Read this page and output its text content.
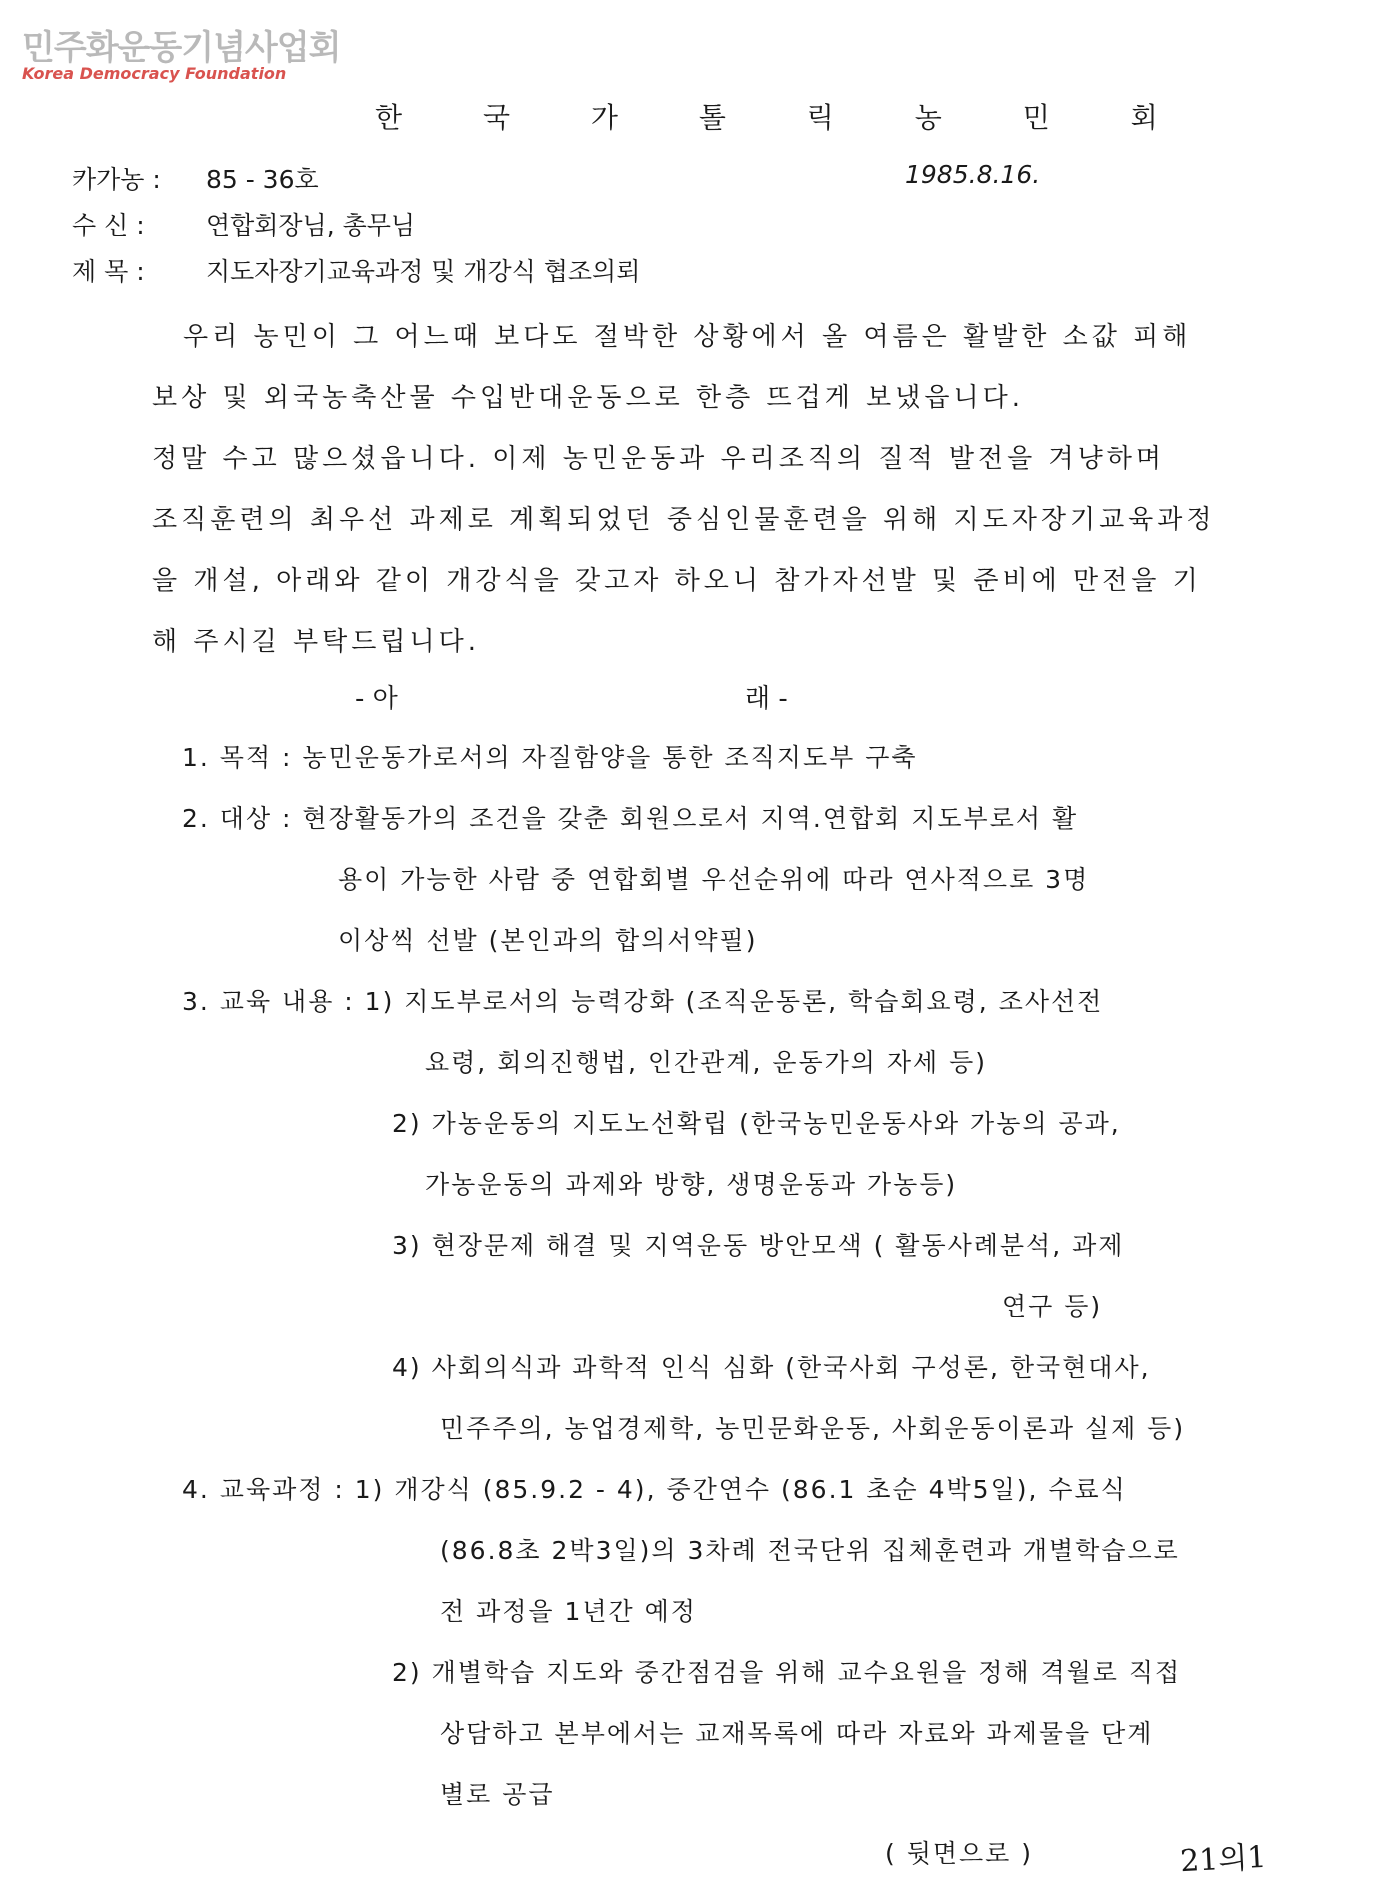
민주화운동기념사업회
Korea Democracy Foundation
한 국 가 톨 릭 농 민 회
카가농 : 85 - 36호	1985.8.16.
수 신 : 연합회장님, 총무님
제 목 : 지도자장기교육과정 및 개강식 협조의뢰
우리 농민이 그 어느때 보다도 절박한 상황에서 올 여름은 활발한 소값 피해
보상 및 외국농축산물 수입반대운동으로 한층 뜨겁게 보냈읍니다.
정말 수고 많으셨읍니다. 이제 농민운동과 우리조직의 질적 발전을 겨냥하며
조직훈련의 최우선 과제로 계획되었던 중심인물훈련을 위해 지도자장기교육과정
을 개설, 아래와 같이 개강식을 갖고자 하오니 참가자선발 및 준비에 만전을 기
해 주시길 부탁드립니다.
- 아	래 -
1. 목적 : 농민운동가로서의 자질함양을 통한 조직지도부 구축
2. 대상 : 현장활동가의 조건을 갖춘 회원으로서 지역.연합회 지도부로서 활
용이 가능한 사람 중 연합회별 우선순위에 따라 연사적으로 3명
이상씩 선발 (본인과의 합의서약필)
3. 교육 내용 : 1) 지도부로서의 능력강화 (조직운동론, 학습회요령, 조사선전
요령, 회의진행법, 인간관계, 운동가의 자세 등)
2) 가농운동의 지도노선확립 (한국농민운동사와 가농의 공과,
가농운동의 과제와 방향, 생명운동과 가농등)
3) 현장문제 해결 및 지역운동 방안모색 ( 활동사례분석, 과제
연구 등)
4) 사회의식과 과학적 인식 심화 (한국사회 구성론, 한국현대사,
민주주의, 농업경제학, 농민문화운동, 사회운동이론과 실제 등)
4. 교육과정 : 1) 개강식 (85.9.2 - 4), 중간연수 (86.1 초순 4박5일), 수료식
(86.8초 2박3일)의 3차례 전국단위 집체훈련과 개별학습으로
전 과정을 1년간 예정
2) 개별학습 지도와 중간점검을 위해 교수요원을 정해 격월로 직접
상담하고 본부에서는 교재목록에 따라 자료와 과제물을 단계
별로 공급
( 뒷면으로 )	21의1
